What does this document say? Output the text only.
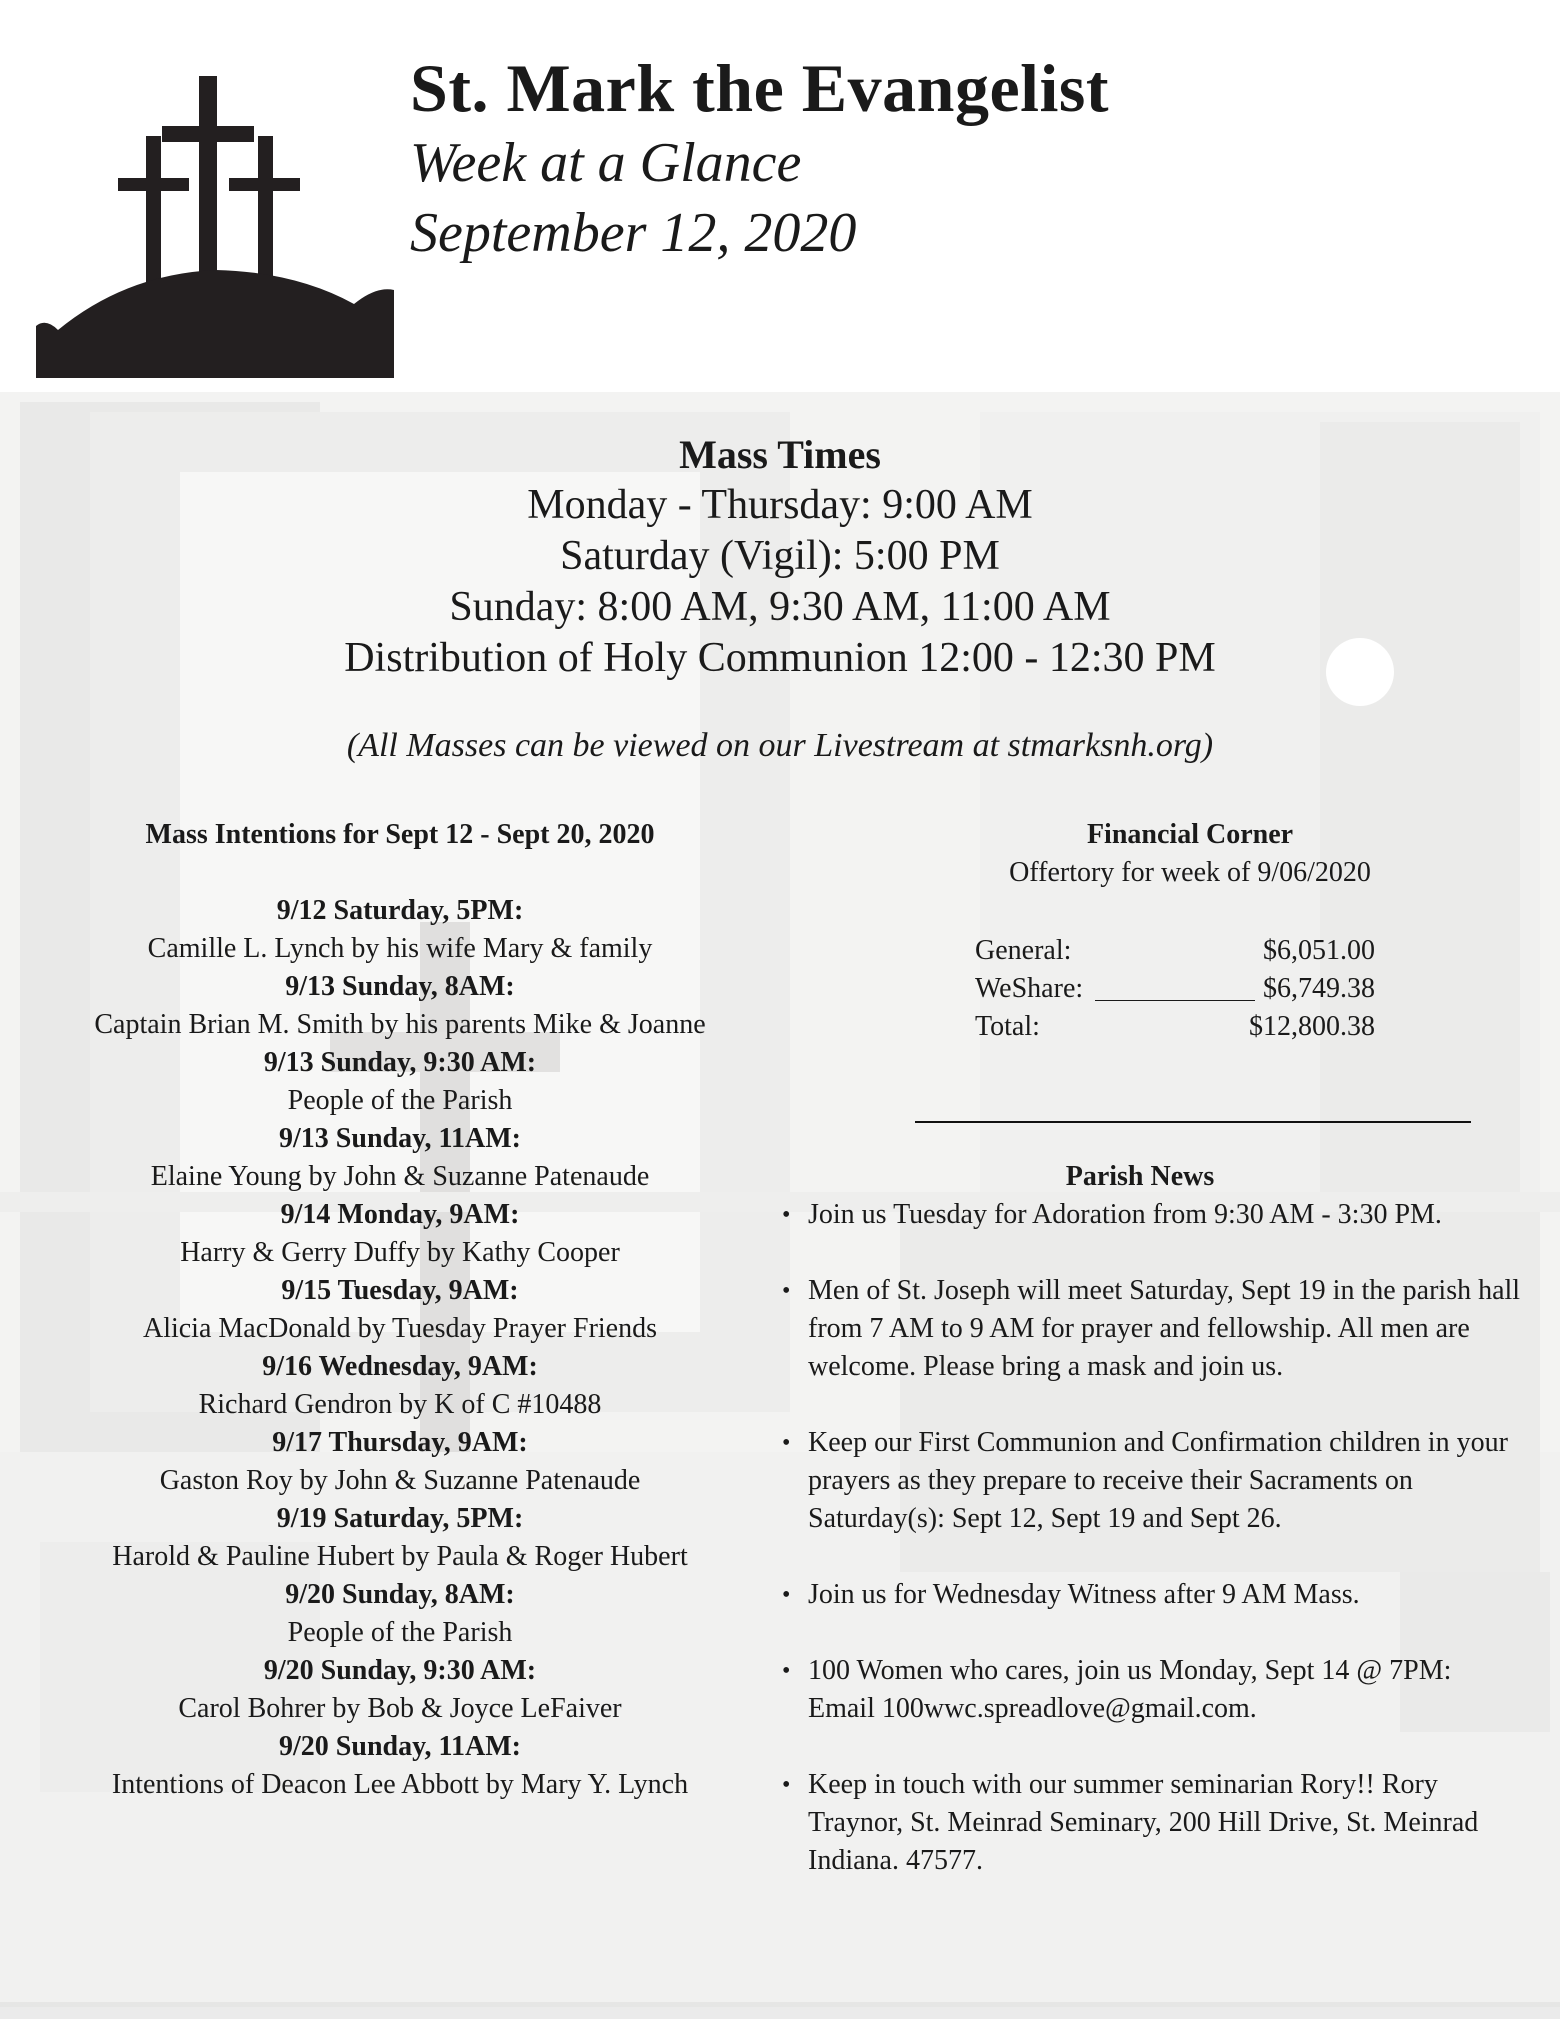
St. Mark the Evangelist
Week at a Glance
September 12, 2020
Mass Times
Monday - Thursday: 9:00 AM
Saturday (Vigil): 5:00 PM
Sunday: 8:00 AM, 9:30 AM, 11:00 AM
Distribution of Holy Communion 12:00 - 12:30 PM
(All Masses can be viewed on our Livestream at stmarksnh.org)
Mass Intentions for Sept 12 - Sept 20, 2020
9/12 Saturday, 5PM:
Camille L. Lynch by his wife Mary & family
9/13 Sunday, 8AM:
Captain Brian M. Smith by his parents Mike & Joanne
9/13 Sunday, 9:30 AM:
People of the Parish
9/13 Sunday, 11AM:
Elaine Young by John & Suzanne Patenaude
9/14 Monday, 9AM:
Harry & Gerry Duffy by Kathy Cooper
9/15 Tuesday, 9AM:
Alicia MacDonald by Tuesday Prayer Friends
9/16 Wednesday, 9AM:
Richard Gendron by K of C #10488
9/17 Thursday, 9AM:
Gaston Roy by John & Suzanne Patenaude
9/19 Saturday, 5PM:
Harold & Pauline Hubert by Paula & Roger Hubert
9/20 Sunday, 8AM:
People of the Parish
9/20 Sunday, 9:30 AM:
Carol Bohrer by Bob & Joyce LeFaiver
9/20 Sunday, 11AM:
Intentions of Deacon Lee Abbott by Mary Y. Lynch
Financial Corner
Offertory for week of 9/06/2020
General:	$6,051.00
WeShare:	$6,749.38
Total:	$12,800.38
Parish News
• Join us Tuesday for Adoration from 9:30 AM - 3:30 PM.
• Men of St. Joseph will meet Saturday, Sept 19 in the parish hall from 7 AM to 9 AM for prayer and fellowship. All men are welcome. Please bring a mask and join us.
• Keep our First Communion and Confirmation children in your prayers as they prepare to receive their Sacraments on Saturday(s): Sept 12, Sept 19 and Sept 26.
• Join us for Wednesday Witness after 9 AM Mass.
• 100 Women who cares, join us Monday, Sept 14 @ 7PM: Email 100wwc.spreadlove@gmail.com.
• Keep in touch with our summer seminarian Rory!! Rory Traynor, St. Meinrad Seminary, 200 Hill Drive, St. Meinrad Indiana. 47577.
